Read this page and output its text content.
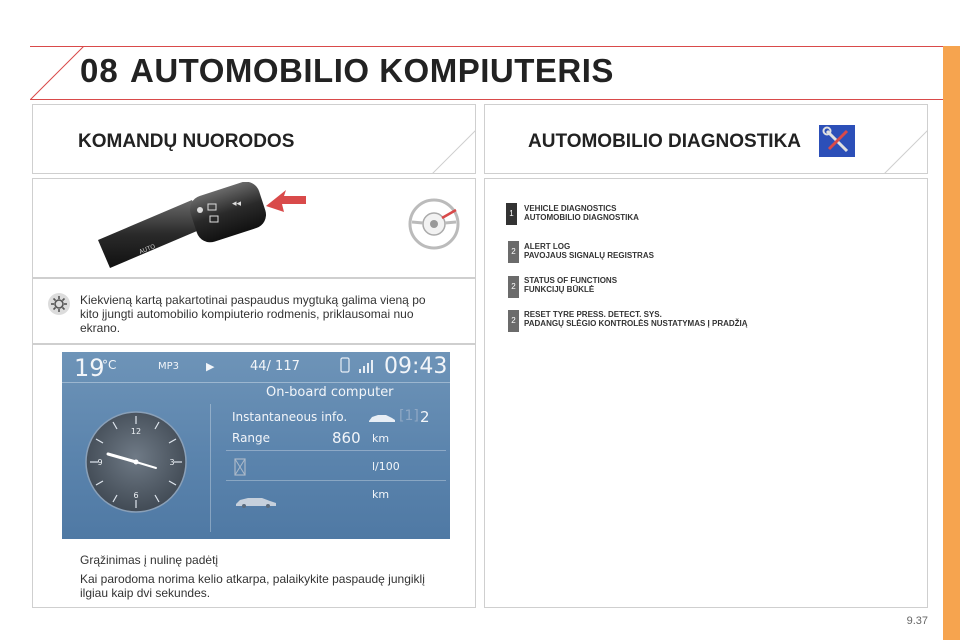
08 AUTOMOBILIO KOMPIUTERIS
KOMANDŲ NUORODOS
◂◂
AUTO
Kiekvieną kartą pakartotinai paspaudus mygtuką galima vieną po
kito įjungti automobilio kompiuterio rodmenis, priklausomai nuo
ekrano.
19
°C	MP3 ▶	44/ 117	09:43
On-board computer
12
9	3
6
Instantaneous info.	[1] 2
Range	860 km
l/100
km
Grąžinimas į nulinę padėtį
Kai parodoma norima kelio atkarpa, palaikykite paspaudę jungiklį
ilgiau kaip dvi sekundes.
AUTOMOBILIO DIAGNOSTIKA
1
VEHICLE DIAGNOSTICS
AUTOMOBILIO DIAGNOSTIKA
2
ALERT LOG
PAVOJAUS SIGNALŲ REGISTRAS
2
STATUS OF FUNCTIONS
FUNKCIJŲ BŪKLĖ
2
RESET TYRE PRESS. DETECT. SYS.
PADANGŲ SLĖGIO KONTROLĖS NUSTATYMAS Į PRADŽIĄ
9.37
